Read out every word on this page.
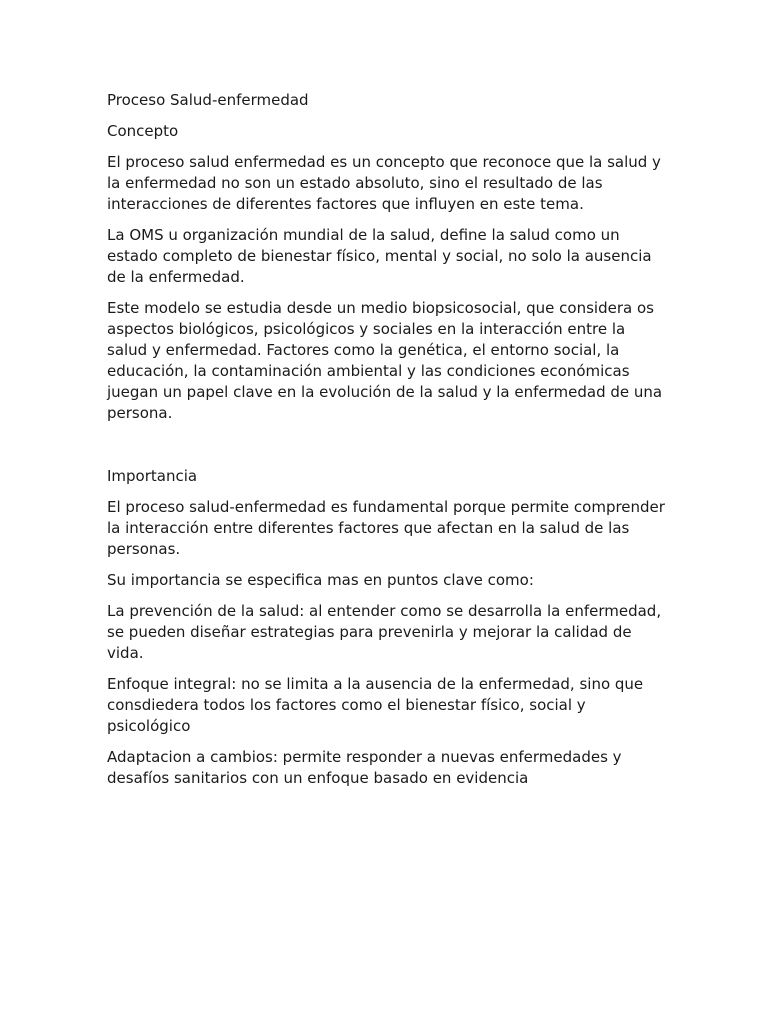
Proceso Salud-enfermedad

Concepto

El proceso salud enfermedad es un concepto que reconoce que la salud y la enfermedad no son un estado absoluto, sino el resultado de las interacciones de diferentes factores que influyen en este tema.

La OMS u organización mundial de la salud, define la salud como un estado completo de bienestar físico, mental y social, no solo la ausencia de la enfermedad.

Este modelo se estudia desde un medio biopsicosocial, que considera os aspectos biológicos, psicológicos y sociales en la interacción entre la salud y enfermedad. Factores como la genética, el entorno social, la educación, la contaminación ambiental y las condiciones económicas juegan un papel clave en la evolución de la salud y la enfermedad de una persona.

Importancia

El proceso salud-enfermedad es fundamental porque permite comprender la interacción entre diferentes factores que afectan en la salud de las personas.

Su importancia se especifica mas en puntos clave como:

La prevención de la salud: al entender como se desarrolla la enfermedad, se pueden diseñar estrategias para prevenirla y mejorar la calidad de vida.

Enfoque integral: no se limita a la ausencia de la enfermedad, sino que consdiedera todos los factores como el bienestar físico, social y psicológico

Adaptacion a cambios: permite responder a nuevas enfermedades y desafíos sanitarios con un enfoque basado en evidencia
